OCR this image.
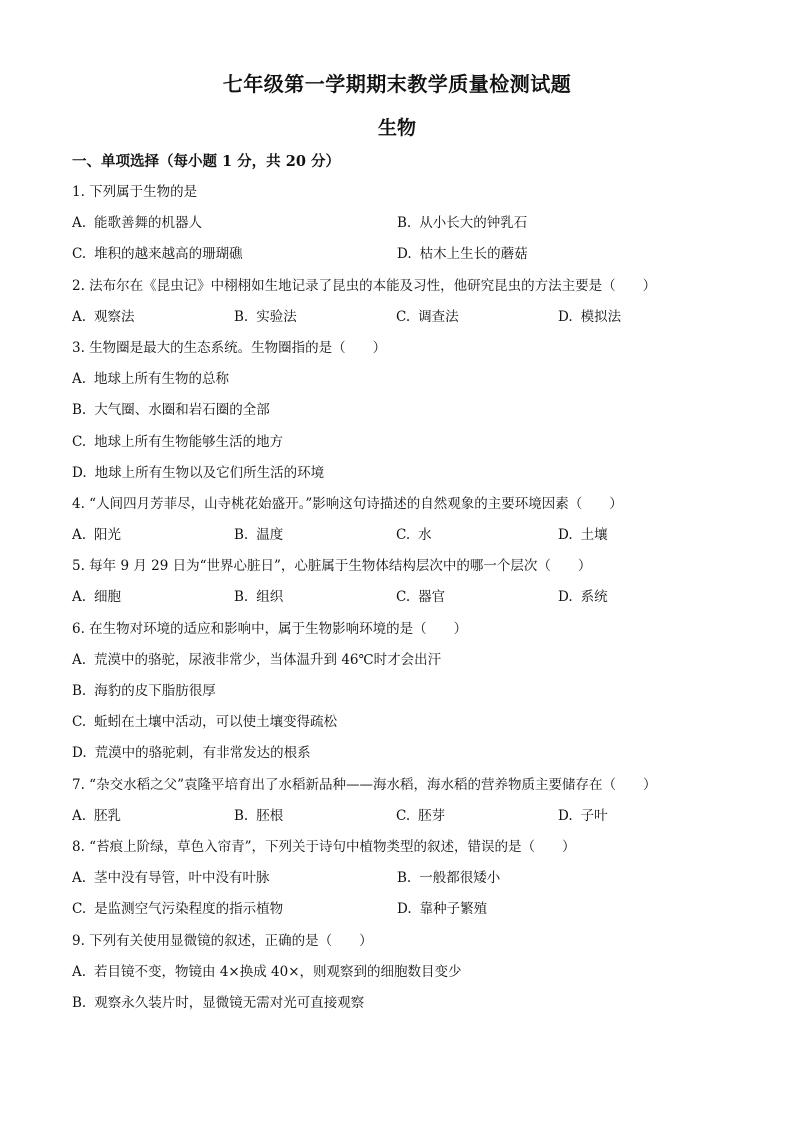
七年级第一学期期末教学质量检测试题
生物
一、单项选择（每小题 1 分，共 20 分）
1. 下列属于生物的是
A. 能歌善舞的机器人	B. 从小长大的钟乳石
C. 堆积的越来越高的珊瑚礁	D. 枯木上生长的蘑菇
2. 法布尔在《昆虫记》中栩栩如生地记录了昆虫的本能及习性，他研究昆虫的方法主要是（　　）
A. 观察法	B. 实验法	C. 调查法	D. 模拟法
3. 生物圈是最大的生态系统。生物圈指的是（　　）
A. 地球上所有生物的总称
B. 大气圈、水圈和岩石圈的全部
C. 地球上所有生物能够生活的地方
D. 地球上所有生物以及它们所生活的环境
4. “人间四月芳菲尽，山寺桃花始盛开。”影响这句诗描述的自然观象的主要环境因素（　　）
A. 阳光	B. 温度	C. 水	D. 土壤
5. 每年 9 月 29 日为“世界心脏日”，心脏属于生物体结构层次中的哪一个层次（　　）
A. 细胞	B. 组织	C. 器官	D. 系统
6. 在生物对环境的适应和影响中，属于生物影响环境的是（　　）
A. 荒漠中的骆驼，尿液非常少，当体温升到 46℃时才会出汗
B. 海豹的皮下脂肪很厚
C. 蚯蚓在土壤中活动，可以使土壤变得疏松
D. 荒漠中的骆驼刺，有非常发达的根系
7. “杂交水稻之父”袁隆平培育出了水稻新品种——海水稻，海水稻的营养物质主要储存在（　　）
A. 胚乳	B. 胚根	C. 胚芽	D. 子叶
8. “苔痕上阶绿，草色入帘青”，下列关于诗句中植物类型的叙述，错误的是（　　）
A. 茎中没有导管，叶中没有叶脉	B. 一般都很矮小
C. 是监测空气污染程度的指示植物	D. 靠种子繁殖
9. 下列有关使用显微镜的叙述，正确的是（　　）
A. 若目镜不变，物镜由 4×换成 40×，则观察到的细胞数目变少
B. 观察永久装片时，显微镜无需对光可直接观察
